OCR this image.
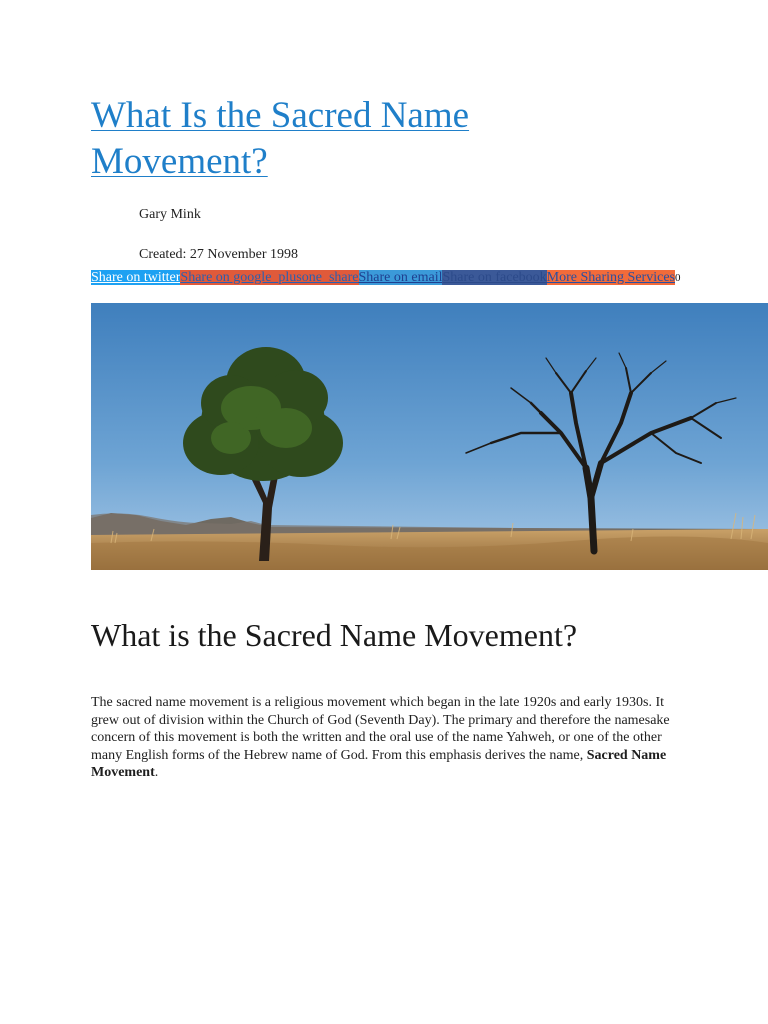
What Is the Sacred Name Movement?
Gary Mink
Created: 27 November 1998
Share on twitterShare on google_plusone_shareShare on emailShare on facebookMore Sharing Services0
What is the Sacred Name Movement?

The sacred name movement is a religious movement which began in the late 1920s and early 1930s. It grew out of division within the Church of God (Seventh Day). The primary and therefore the namesake concern of this movement is both the written and the oral use of the name Yahweh, or one of the other many English forms of the Hebrew name of God. From this emphasis derives the name, Sacred Name Movement.
